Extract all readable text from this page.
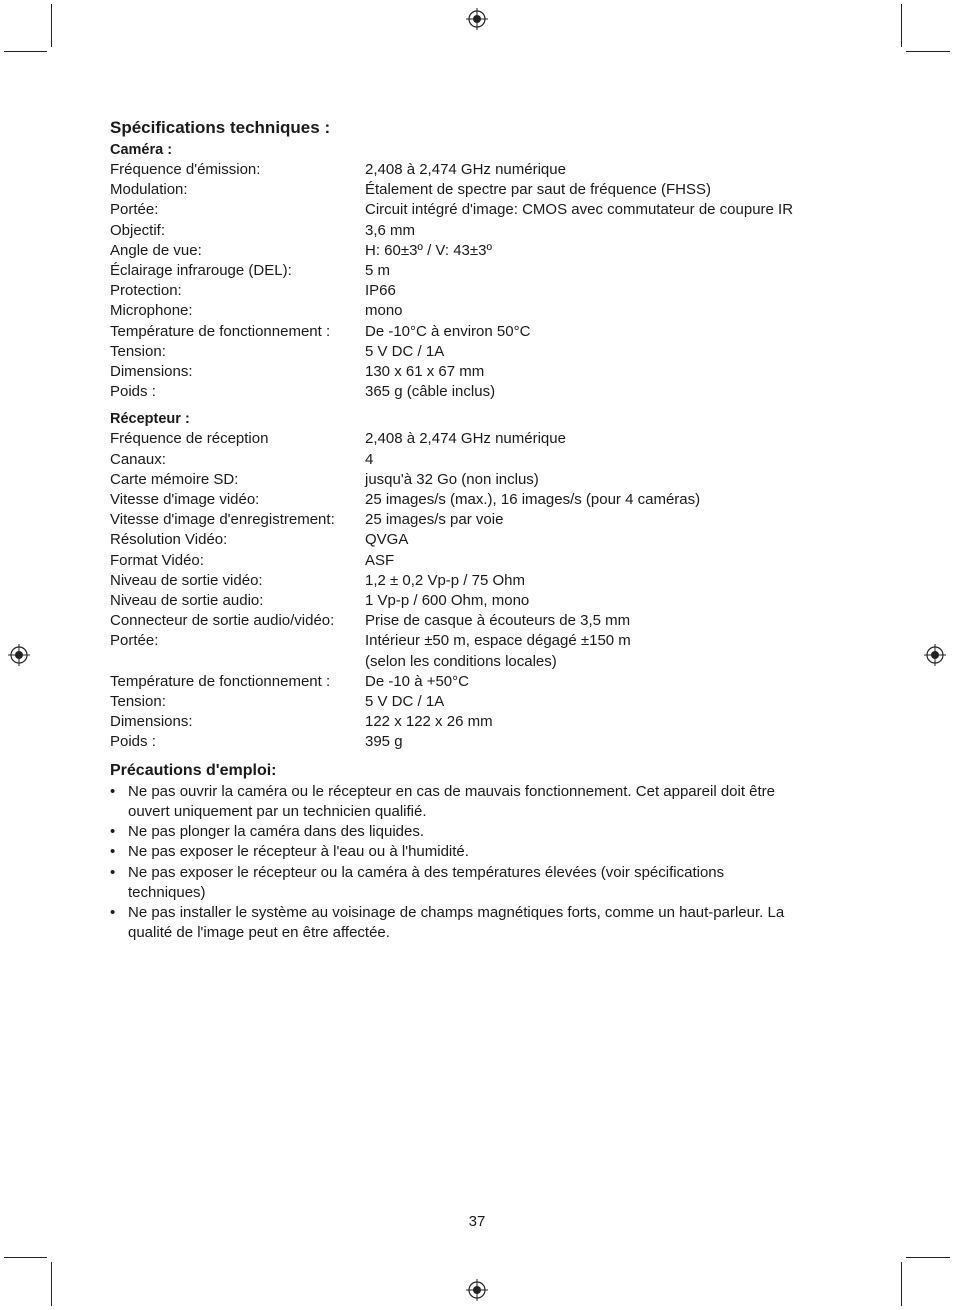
Spécifications techniques :
Caméra :
Fréquence d'émission:	2,408 à 2,474 GHz numérique
Modulation:	Étalement de spectre par saut de fréquence (FHSS)
Portée:	Circuit intégré d'image: CMOS avec commutateur de coupure IR
Objectif:	3,6 mm
Angle de vue:	H: 60±3º / V: 43±3º
Éclairage infrarouge (DEL):	5 m
Protection:	IP66
Microphone:	mono
Température de fonctionnement :	De -10°C à environ 50°C
Tension:	5 V DC / 1A
Dimensions:	130 x 61 x 67 mm
Poids :	365 g (câble inclus)
Récepteur :
Fréquence de réception	2,408 à 2,474 GHz numérique
Canaux:	4
Carte mémoire SD:	jusqu'à 32 Go (non inclus)
Vitesse d'image vidéo:	25 images/s (max.), 16 images/s (pour 4 caméras)
Vitesse d'image d'enregistrement:	25 images/s par voie
Résolution Vidéo:	QVGA
Format Vidéo:	ASF
Niveau de sortie vidéo:	1,2 ± 0,2 Vp-p / 75 Ohm
Niveau de sortie audio:	1 Vp-p / 600 Ohm, mono
Connecteur de sortie audio/vidéo:	Prise de casque à écouteurs de 3,5 mm
Portée:	Intérieur ±50 m, espace dégagé ±150 m
(selon les conditions locales)
Température de fonctionnement :	De -10 à +50°C
Tension:	5 V DC / 1A
Dimensions:	122 x 122 x 26 mm
Poids :	395 g
Précautions d'emploi:
• Ne pas ouvrir la caméra ou le récepteur en cas de mauvais fonctionnement. Cet appareil doit être
ouvert uniquement par un technicien qualifié.
• Ne pas plonger la caméra dans des liquides.
• Ne pas exposer le récepteur à l'eau ou à l'humidité.
• Ne pas exposer le récepteur ou la caméra à des températures élevées (voir spécifications
techniques)
• Ne pas installer le système au voisinage de champs magnétiques forts, comme un haut-parleur. La
qualité de l'image peut en être affectée.
37
